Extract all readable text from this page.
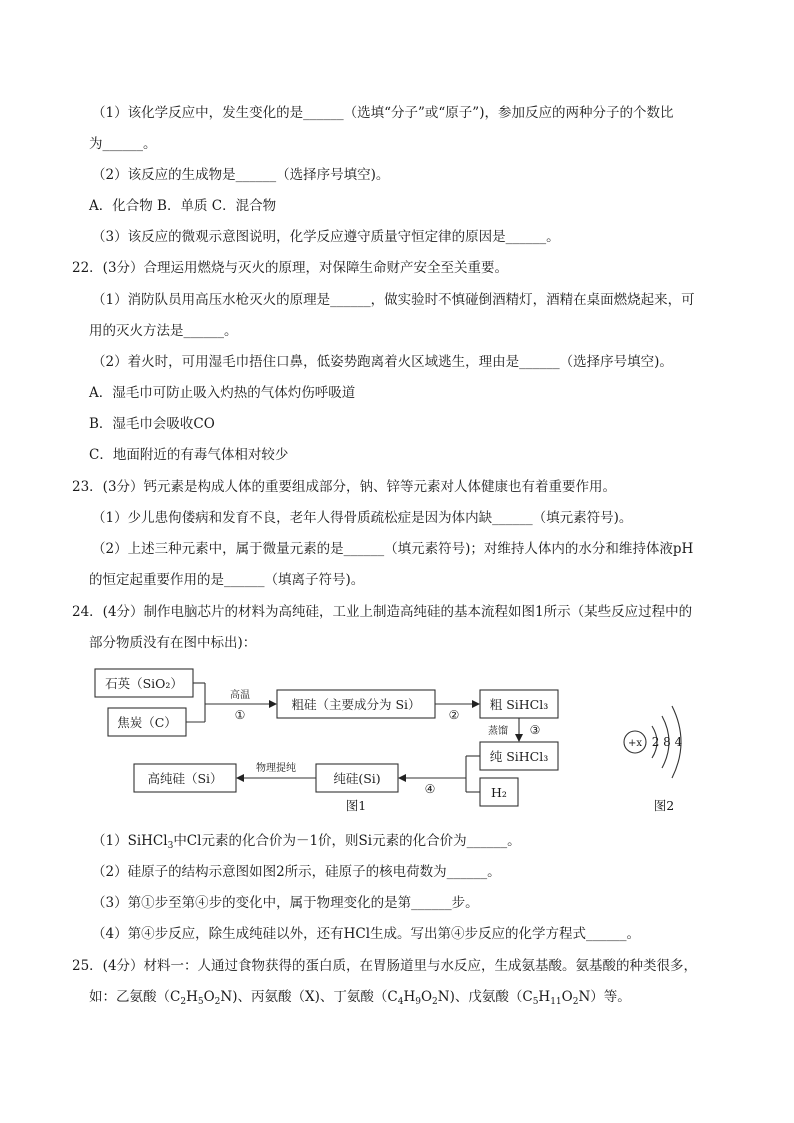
（1）该化学反应中，发生变化的是______（选填“分子”或“原子”)，参加反应的两种分子的个数比
为______。
（2）该反应的生成物是______（选择序号填空)。
A．化合物 B．单质 C．混合物
（3）该反应的微观示意图说明，化学反应遵守质量守恒定律的原因是______。
22．(3分）合理运用燃烧与灭火的原理，对保障生命财产安全至关重要。
（1）消防队员用高压水枪灭火的原理是______，做实验时不慎碰倒酒精灯，酒精在桌面燃烧起来，可
用的灭火方法是______。
（2）着火时，可用湿毛巾捂住口鼻，低姿势跑离着火区域逃生，理由是______（选择序号填空)。
A．湿毛巾可防止吸入灼热的气体灼伤呼吸道
B．湿毛巾会吸收CO
C．地面附近的有毒气体相对较少
23．(3分）钙元素是构成人体的重要组成部分，钠、锌等元素对人体健康也有着重要作用。
（1）少儿患佝偻病和发育不良，老年人得骨质疏松症是因为体内缺______（填元素符号)。
（2）上述三种元素中，属于微量元素的是______（填元素符号)；对维持人体内的水分和维持体液pH
的恒定起重要作用的是______（填离子符号)。
24．(4分）制作电脑芯片的材料为高纯硅，工业上制造高纯硅的基本流程如图1所示（某些反应过程中的
部分物质没有在图中标出)：
石英（SiO₂）
焦炭（C）
粗硅（主要成分为 Si）	粗 SiHCl₃
纯 SiHCl₃
H₂
纯硅(Si)
高纯硅（Si）
高温
①	②
蒸馏 ③
④
物理提纯
图1
+x 2 8 4
图2
（1）SiHCl$_3$中Cl元素的化合价为－1价，则Si元素的化合价为______。
（2）硅原子的结构示意图如图2所示，硅原子的核电荷数为______。
（3）第①步至第④步的变化中，属于物理变化的是第______步。
（4）第④步反应，除生成纯硅以外，还有HCl生成。写出第④步反应的化学方程式______。
25．(4分）材料一：人通过食物获得的蛋白质，在胃肠道里与水反应，生成氨基酸。氨基酸的种类很多，
如：乙氨酸$(C_2H_5O_2N)$、丙氨酸（X)、丁氨酸$(C_4H_9O_2N)$、戊氨酸$(C_5H_{11}O_2N)$等。
